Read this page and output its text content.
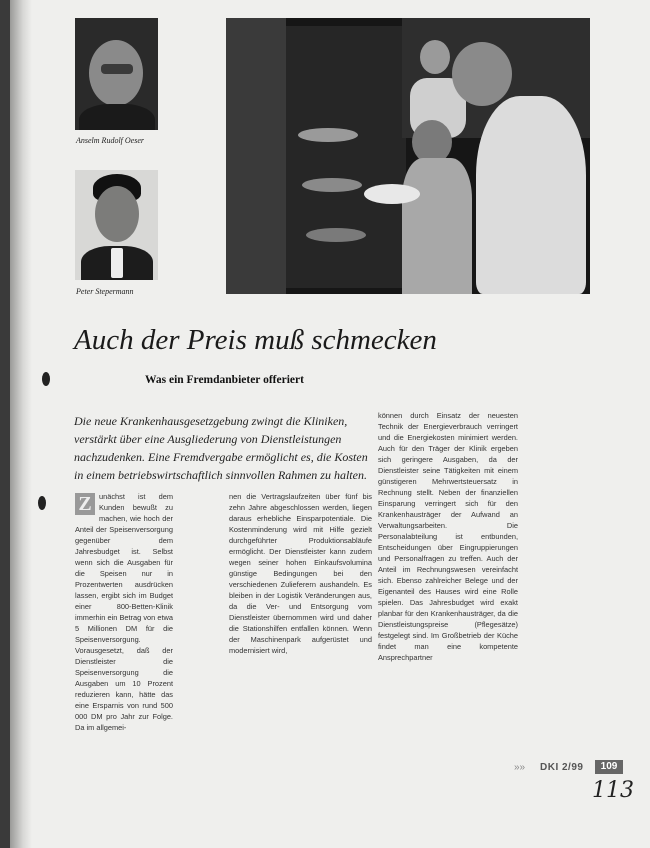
Anselm Rudolf Oeser
Peter Stepermann
Auch der Preis muß schmecken
Was ein Fremdanbieter offeriert
Die neue Krankenhausgesetzgebung zwingt die Kliniken, verstärkt über eine Ausgliederung von Dienstleistungen nachzudenken. Eine Fremdvergabe ermöglicht es, die Kosten in einem betriebswirtschaftlich sinnvollen Rahmen zu halten.
Z unächst ist dem Kunden bewußt zu machen, wie hoch der Anteil der Speisenversorgung gegenüber dem Jahresbudget ist. Selbst wenn sich die Ausgaben für die Speisen nur in Prozentwerten ausdrücken lassen, ergibt sich im Budget einer 800-Betten-Klinik immerhin ein Betrag von etwa 5 Millionen DM für die Speisenversorgung. Vorausgesetzt, daß der Dienstleister die Speisenversorgung die Ausgaben um 10 Prozent reduzieren kann, hätte das eine Ersparnis von rund 500 000 DM pro Jahr zur Folge. Da im allgemei-
nen die Vertragslaufzeiten über fünf bis zehn Jahre abgeschlossen werden, liegen daraus erhebliche Einsparpotentiale. Die Kostenminderung wird mit Hilfe gezielt durchgeführter Produktionsabläufe ermöglicht. Der Dienstleister kann zudem wegen seiner hohen Einkaufsvolumina günstige Bedingungen bei den verschiedenen Zulieferern aushandeln. Es bleiben in der Logistik Veränderungen aus, da die Ver- und Entsorgung vom Dienstleister übernommen wird und daher die Stationshilfen entfallen können. Wenn der Maschinenpark aufgerüstet und modernisiert wird,
können durch Einsatz der neuesten Technik der Energieverbrauch verringert und die Energiekosten minimiert werden. Auch für den Träger der Klinik ergeben sich geringere Ausgaben, da der Dienstleister seine Tätigkeiten mit einem günstigeren Mehrwertsteuersatz in Rechnung stellt. Neben der finanziellen Einsparung verringert sich für den Krankenhausträger der Aufwand an Verwaltungsarbeiten. Die Personalabteilung ist entbunden, Entscheidungen über Eingruppierungen und Personalfragen zu treffen. Auch der Anteil im Rechnungswesen vereinfacht sich. Ebenso zahlreicher Belege und der Eigenanteil des Hauses wird eine Rolle spielen. Das Jahresbudget wird exakt planbar für den Krankenhausträger, da die Dienstleistungspreise (Pflegesätze) festgelegt sind. Im Großbetrieb der Küche findet man eine kompetente Ansprechpartner
»» DKI 2/99	109
113
